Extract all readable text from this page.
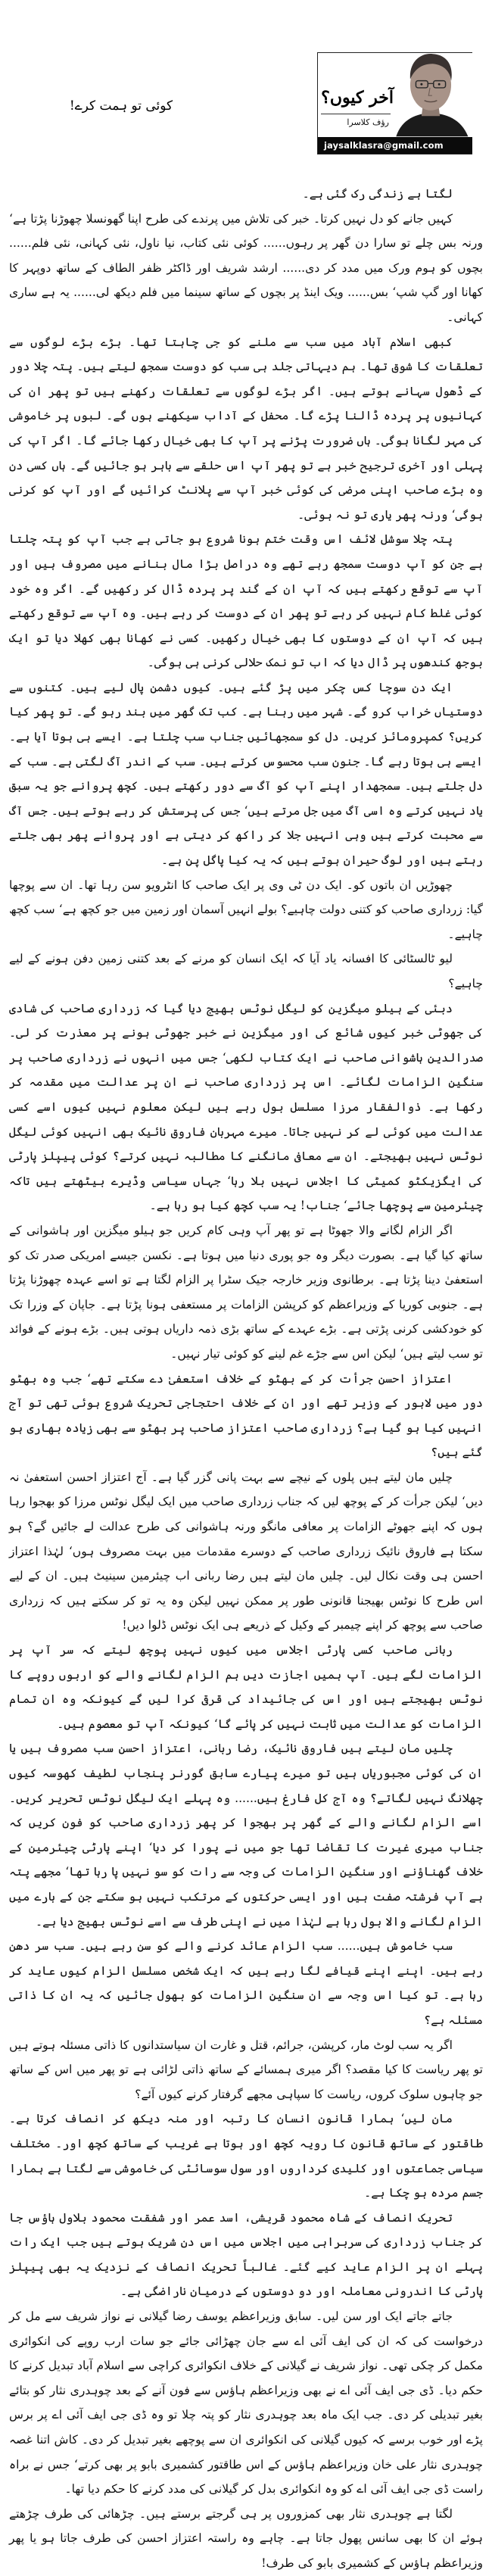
آخر کیوں؟
رؤف کلاسرا
jaysalklasra@gmail.com
کوئی تو ہمت کرے!

لگتا ہے زندگی رک گئی ہے۔

کہیں جانے کو دل نہیں کرتا۔ خبر کی تلاش میں پرندے کی طرح اپنا گھونسلا چھوڑنا پڑتا ہے‘ ورنہ بس چلے تو سارا دن گھر پر رہوں...... کوئی نئی کتاب، نیا ناول، نئی کہانی، نئی فلم...... بچوں کو ہوم ورک میں مدد کر دی...... ارشد شریف اور ڈاکٹر ظفر الطاف کے ساتھ دوپہر کا کھانا اور گپ شپ‘ بس...... ویک اینڈ پر بچوں کے ساتھ سینما میں فلم دیکھ لی...... یہ ہے ساری کہانی۔

کبھی اسلام آباد میں سب سے ملنے کو جی چاہتا تھا۔ بڑے بڑے لوگوں سے تعلقات کا شوق تھا۔ ہم دیہاتی جلد ہی سب کو دوست سمجھ لیتے ہیں۔ پتہ چلا دور کے ڈھول سہانے ہوتے ہیں۔ اگر بڑے لوگوں سے تعلقات رکھنے ہیں تو پھر ان کی کہانیوں پر پردہ ڈالنا پڑے گا۔ محفل کے آداب سیکھنے ہوں گے۔ لبوں پر خاموشی کی مہر لگانا ہوگی۔ ہاں ضرورت پڑنے پر آپ کا بھی خیال رکھا جائے گا۔ اگر آپ کی پہلی اور آخری ترجیح خبر ہے تو پھر آپ اس حلقے سے باہر ہو جائیں گے۔ ہاں کسی دن وہ بڑے صاحب اپنی مرضی کی کوئی خبر آپ سے پلانٹ کرائیں گے اور آپ کو کرنی ہوگی‘ ورنہ پھر یاری تو نہ ہوئی۔

پتہ چلا سوشل لائف اس وقت ختم ہونا شروع ہو جاتی ہے جب آپ کو پتہ چلتا ہے جن کو آپ دوست سمجھ رہے تھے وہ دراصل بڑا مال بنانے میں مصروف ہیں اور آپ سے توقع رکھتے ہیں کہ آپ ان کے گند پر پردہ ڈال کر رکھیں گے۔ اگر وہ خود کوئی غلط کام نہیں کر رہے تو پھر ان کے دوست کر رہے ہیں۔ وہ آپ سے توقع رکھتے ہیں کہ آپ ان کے دوستوں کا بھی خیال رکھیں۔ کسی نے کھانا بھی کھلا دیا تو ایک بوجھ کندھوں پر ڈال دیا کہ اب تو نمک حلالی کرنی ہی ہوگی۔

ایک دن سوچا کس چکر میں پڑ گئے ہیں۔ کیوں دشمن پال لیے ہیں۔ کتنوں سے دوستیاں خراب کرو گے۔ شہر میں رہنا ہے۔ کب تک گھر میں بند رہو گے۔ تو پھر کیا کریں؟ کمپرومائز کریں۔ دل کو سمجھائیں جناب سب چلتا ہے۔ ایسے ہی ہوتا آیا ہے۔ ایسے ہی ہوتا رہے گا۔ جنون سب محسوس کرتے ہیں۔ سب کے اندر آگ لگتی ہے۔ سب کے دل جلتے ہیں۔ سمجھدار اپنے آپ کو آگ سے دور رکھتے ہیں۔ کچھ پروانے جو یہ سبق یاد نہیں کرتے وہ اسی آگ میں جل مرتے ہیں‘ جس کی پرستش کر رہے ہوتے ہیں۔ جس آگ سے محبت کرتے ہیں وہی انہیں جلا کر راکھ کر دیتی ہے اور پروانے پھر بھی جلتے رہتے ہیں اور لوگ حیران ہوتے ہیں کہ یہ کیا پاگل پن ہے۔

چھوڑیں ان باتوں کو۔ ایک دن ٹی وی پر ایک صاحب کا انٹرویو سن رہا تھا۔ ان سے پوچھا گیا: زرداری صاحب کو کتنی دولت چاہیے؟ بولے انہیں آسمان اور زمین میں جو کچھ ہے‘ سب کچھ چاہیے۔

لیو ٹالسٹائی کا افسانہ یاد آیا کہ ایک انسان کو مرنے کے بعد کتنی زمین دفن ہونے کے لیے چاہیے؟

دبئی کے ہیلو میگزین کو لیگل نوٹس بھیج دیا گیا کہ زرداری صاحب کی شادی کی جھوٹی خبر کیوں شائع کی اور میگزین نے خبر جھوٹی ہونے پر معذرت کر لی۔ صدرالدین ہاشوانی صاحب نے ایک کتاب لکھی‘ جس میں انہوں نے زرداری صاحب پر سنگین الزامات لگائے۔ اس پر زرداری صاحب نے ان پر عدالت میں مقدمہ کر رکھا ہے۔ ذوالفقار مرزا مسلسل بول رہے ہیں لیکن معلوم نہیں کیوں اسے کسی عدالت میں کوئی لے کر نہیں جاتا۔ میرے مہربان فاروق نائیک بھی انہیں کوئی لیگل نوٹس نہیں بھیجتے۔ ان سے معافی مانگنے کا مطالبہ نہیں کرتے؟ کوئی پیپلز پارٹی کی ایگزیکٹو کمیٹی کا اجلاس نہیں بلا رہا‘ جہاں سیاسی وڈیرے بیٹھتے ہیں تاکہ چیئرمین سے پوچھا جائے‘ جناب! یہ سب کچھ کیا ہو رہا ہے۔

اگر الزام لگانے والا جھوٹا ہے تو پھر آپ وہی کام کریں جو ہیلو میگزین اور ہاشوانی کے ساتھ کیا گیا ہے۔ بصورت دیگر وہ جو پوری دنیا میں ہوتا ہے۔ نکسن جیسے امریکی صدر تک کو استعفیٰ دینا پڑتا ہے۔ برطانوی وزیر خارجہ جیک سٹرا پر الزام لگتا ہے تو اسے عہدہ چھوڑنا پڑتا ہے۔ جنوبی کوریا کے وزیراعظم کو کرپشن الزامات پر مستعفی ہونا پڑتا ہے۔ جاپان کے وزرا تک کو خودکشی کرنی پڑتی ہے۔ بڑے عہدے کے ساتھ بڑی ذمہ داریاں ہوتی ہیں۔ بڑے ہونے کے فوائد تو سب لیتے ہیں‘ لیکن اس سے جڑے غم لینے کو کوئی تیار نہیں۔

اعتزاز احسن جرأت کر کے بھٹو کے خلاف استعفیٰ دے سکتے تھے‘ جب وہ بھٹو دور میں لاہور کے وزیر تھے اور ان کے خلاف احتجاجی تحریک شروع ہوئی تھی تو آج انہیں کیا ہو گیا ہے؟ زرداری صاحب اعتزاز صاحب پر بھٹو سے بھی زیادہ بھاری ہو گئے ہیں؟

چلیں مان لیتے ہیں پلوں کے نیچے سے بہت پانی گزر گیا ہے۔ آج اعتزاز احسن استعفیٰ نہ دیں‘ لیکن جرأت کر کے پوچھ لیں کہ جناب زرداری صاحب میں ایک لیگل نوٹس مرزا کو بھجوا رہا ہوں کہ اپنے جھوٹے الزامات پر معافی مانگو ورنہ ہاشوانی کی طرح عدالت لے جائیں گے؟ ہو سکتا ہے فاروق نائیک زرداری صاحب کے دوسرے مقدمات میں بہت مصروف ہوں‘ لہٰذا اعتزاز احسن ہی وقت نکال لیں۔ چلیں مان لیتے ہیں رضا ربانی اب چیئرمین سینیٹ ہیں۔ ان کے لیے اس طرح کا نوٹس بھیجنا قانونی طور پر ممکن نہیں لیکن وہ یہ تو کر سکتے ہیں کہ زرداری صاحب سے پوچھ کر اپنے چیمبر کے وکیل کے ذریعے ہی ایک نوٹس ڈلوا دیں!

ربانی صاحب کسی پارٹی اجلاس میں کیوں نہیں پوچھ لیتے کہ سر آپ پر الزامات لگے ہیں۔ آپ ہمیں اجازت دیں ہم الزام لگانے والے کو اربوں روپے کا نوٹس بھیجتے ہیں اور اس کی جائیداد کی قرقی کرا لیں گے کیونکہ وہ ان تمام الزامات کو عدالت میں ثابت نہیں کر پائے گا‘ کیونکہ آپ تو معصوم ہیں۔

چلیں مان لیتے ہیں فاروق نائیک، رضا ربانی، اعتزاز احسن سب مصروف ہیں یا ان کی کوئی مجبوریاں ہیں تو میرے پیارے سابق گورنر پنجاب لطیف کھوسہ کیوں چھلانگ نہیں لگاتے؟ وہ آج کل فارغ ہیں...... وہ پہلے ایک لیگل نوٹس تحریر کریں۔ اسے الزام لگانے والے کے گھر پر بھجوا کر پھر زرداری صاحب کو فون کریں کہ جناب میری غیرت کا تقاضا تھا جو میں نے پورا کر دیا‘ اپنے پارٹی چیئرمین کے خلاف گھناؤنے اور سنگین الزامات کی وجہ سے رات کو سو نہیں پا رہا تھا‘ مجھے پتہ ہے آپ فرشتہ صفت ہیں اور ایسی حرکتوں کے مرتکب نہیں ہو سکتے جن کے بارے میں الزام لگانے والا بول رہا ہے لہٰذا میں نے اپنی طرف سے اسے نوٹس بھیج دیا ہے۔

سب خاموش ہیں...... سب الزام عائد کرنے والے کو سن رہے ہیں۔ سب سر دھن رہے ہیں۔ اپنے اپنے قیافے لگا رہے ہیں کہ ایک شخص مسلسل الزام کیوں عاید کر رہا ہے۔ تو کیا اس وجہ سے ان سنگین الزامات کو بھول جائیں کہ یہ ان کا ذاتی مسئلہ ہے؟

اگر یہ سب لوٹ مار، کرپشن، جرائم، قتل و غارت ان سیاستدانوں کا ذاتی مسئلہ ہوتے ہیں تو پھر ریاست کا کیا مقصد؟ اگر میری ہمسائے کے ساتھ ذاتی لڑائی ہے تو پھر میں اس کے ساتھ جو چاہوں سلوک کروں، ریاست کا سپاہی مجھے گرفتار کرنے کیوں آئے؟

مان لیں‘ ہمارا قانون انسان کا رتبہ اور منہ دیکھ کر انصاف کرتا ہے۔ طاقتور کے ساتھ قانون کا رویہ کچھ اور ہوتا ہے غریب کے ساتھ کچھ اور۔ مختلف سیاسی جماعتوں اور کلیدی کرداروں اور سول سوسائٹی کی خاموشی سے لگتا ہے ہمارا جسم مردہ ہو چکا ہے۔

تحریک انصاف کے شاہ محمود قریشی، اسد عمر اور شفقت محمود بلاول ہاؤس جا کر جناب زرداری کی سربراہی میں اجلاس میں اس دن شریک ہوتے ہیں جب ایک رات پہلے ان پر الزام عاید کیے گئے۔ غالباً تحریک انصاف کے نزدیک یہ بھی پیپلز پارٹی کا اندرونی معاملہ اور دو دوستوں کے درمیان ناراضگی ہے۔

جاتے جاتے ایک اور سن لیں۔ سابق وزیراعظم یوسف رضا گیلانی نے نواز شریف سے مل کر درخواست کی کہ ان کی ایف آئی اے سے جان چھڑائی جائے جو سات ارب روپے کی انکوائری مکمل کر چکی تھی۔ نواز شریف نے گیلانی کے خلاف انکوائری کراچی سے اسلام آباد تبدیل کرنے کا حکم دیا۔ ڈی جی ایف آئی اے نے بھی وزیراعظم ہاؤس سے فون آنے کے بعد چوہدری نثار کو بتائے بغیر تبدیلی کر دی۔ جب ایک ماہ بعد چوہدری نثار کو پتہ چلا تو وہ ڈی جی ایف آئی اے پر برس پڑے اور خوب برسے کہ کیوں گیلانی کی انکوائری ان سے پوچھے بغیر تبدیل کر دی۔ کاش اتنا غصہ چوہدری نثار علی خان وزیراعظم ہاؤس کے اس طاقتور کشمیری بابو پر بھی کرتے‘ جس نے براہ راست ڈی جی ایف آئی اے کو وہ انکوائری بدل کر گیلانی کی مدد کرنے کا حکم دیا تھا۔

لگتا ہے چوہدری نثار بھی کمزوروں پر ہی گرجتے برستے ہیں۔ چڑھائی کی طرف چڑھتے ہوئے ان کا بھی سانس پھول جاتا ہے۔ چاہے وہ راستہ اعتزاز احسن کی طرف جاتا ہو یا پھر وزیراعظم ہاؤس کے کشمیری بابو کی طرف!
